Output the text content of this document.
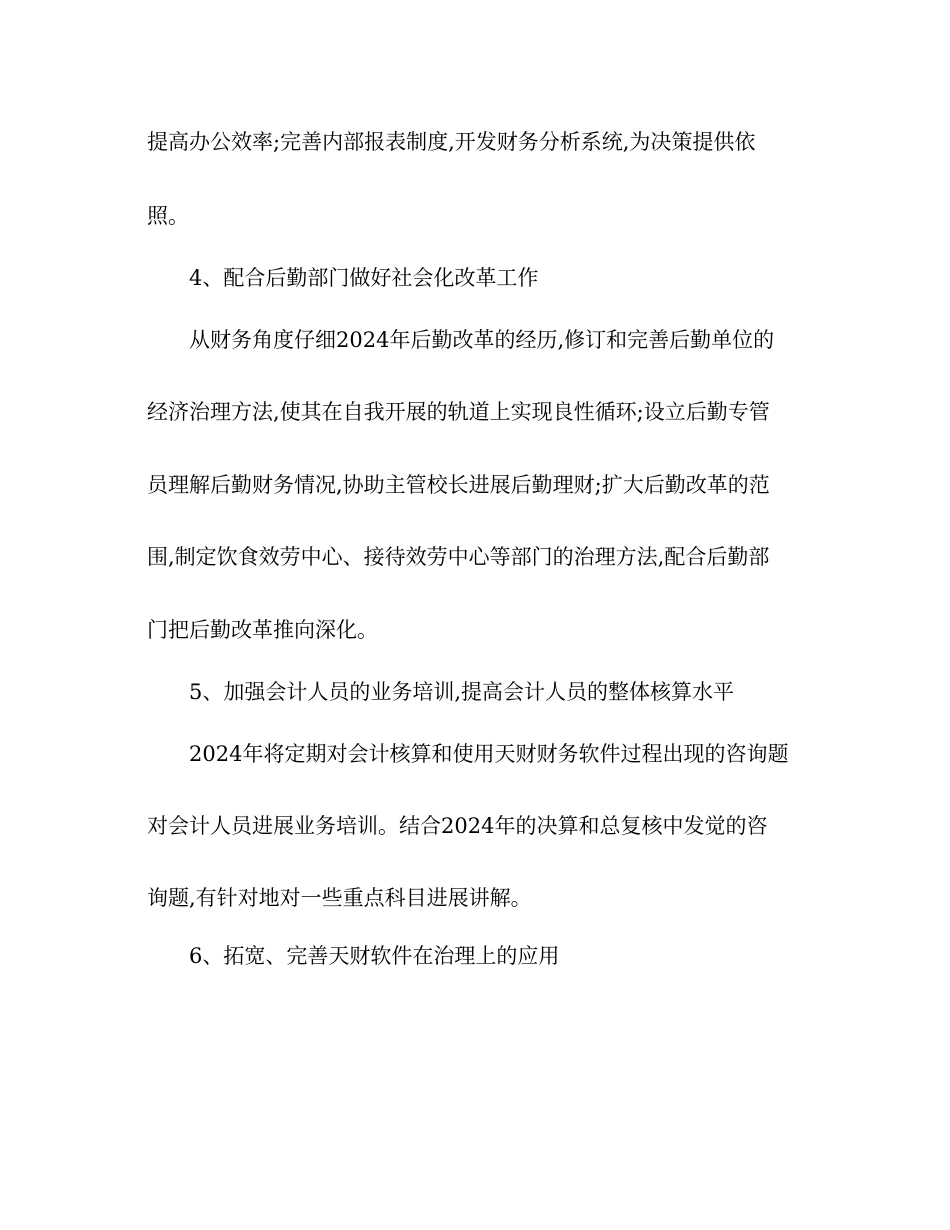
提高办公效率;完善内部报表制度,开发财务分析系统,为决策提供依
照。
4、配合后勤部门做好社会化改革工作
从财务角度仔细2024年后勤改革的经历,修订和完善后勤单位的
经济治理方法,使其在自我开展的轨道上实现良性循环;设立后勤专管
员理解后勤财务情况,协助主管校长进展后勤理财;扩大后勤改革的范
围,制定饮食效劳中心、接待效劳中心等部门的治理方法,配合后勤部
门把后勤改革推向深化。
5、加强会计人员的业务培训,提高会计人员的整体核算水平
2024年将定期对会计核算和使用天财财务软件过程出现的咨询题
对会计人员进展业务培训。结合2024年的决算和总复核中发觉的咨
询题,有针对地对一些重点科目进展讲解。
6、拓宽、完善天财软件在治理上的应用
